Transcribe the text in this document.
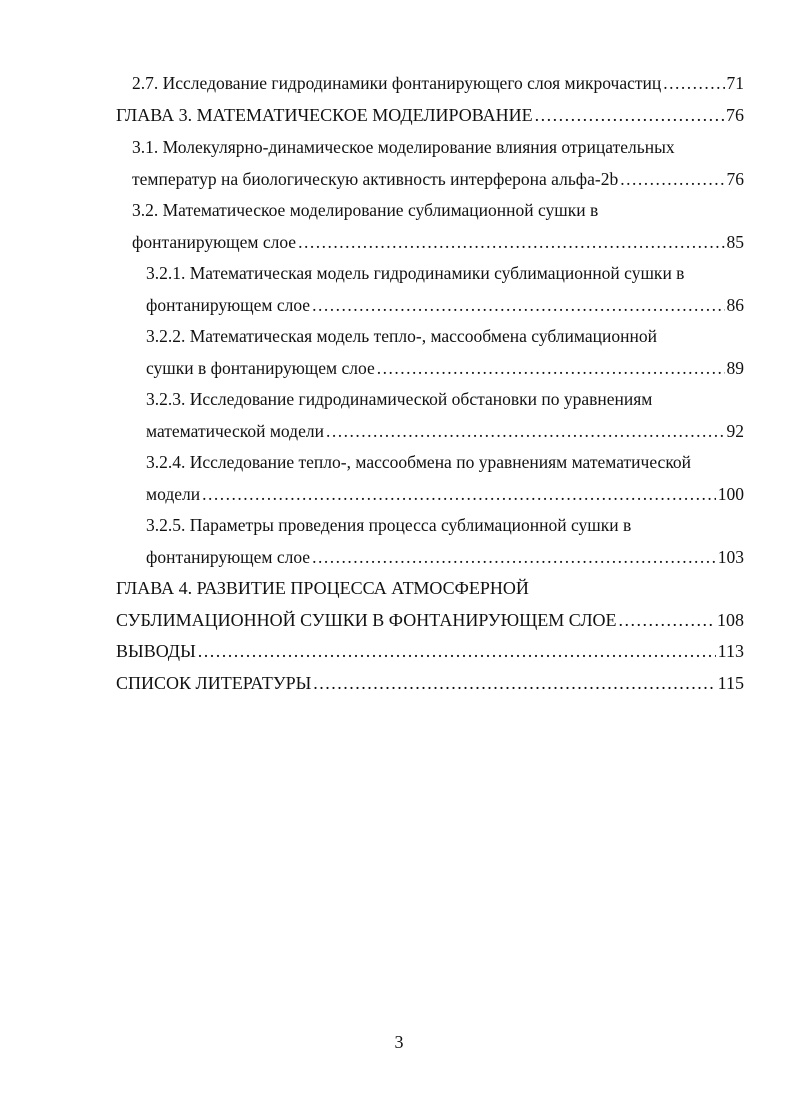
2.7. Исследование гидродинамики фонтанирующего слоя микрочастиц .....	71
ГЛАВА 3. МАТЕМАТИЧЕСКОЕ МОДЕЛИРОВАНИЕ .....	76
3.1. Молекулярно-динамическое моделирование влияния отрицательных
температур на биологическую активность интерферона альфа-2b .....	76
3.2. Математическое моделирование сублимационной сушки в
фонтанирующем слое .....	85
3.2.1. Математическая модель гидродинамики сублимационной сушки в
фонтанирующем слое .....	86
3.2.2. Математическая модель тепло-, массообмена сублимационной
сушки в фонтанирующем слое .....	89
3.2.3. Исследование гидродинамической обстановки по уравнениям
математической модели .....	92
3.2.4. Исследование тепло-, массообмена по уравнениям математической
модели .....	100
3.2.5. Параметры проведения процесса сублимационной сушки в
фонтанирующем слое .....	103
ГЛАВА 4. РАЗВИТИЕ ПРОЦЕССА АТМОСФЕРНОЙ
СУБЛИМАЦИОННОЙ СУШКИ В ФОНТАНИРУЮЩЕМ СЛОЕ .....	108
ВЫВОДЫ .....	113
СПИСОК ЛИТЕРАТУРЫ .....	115
3
